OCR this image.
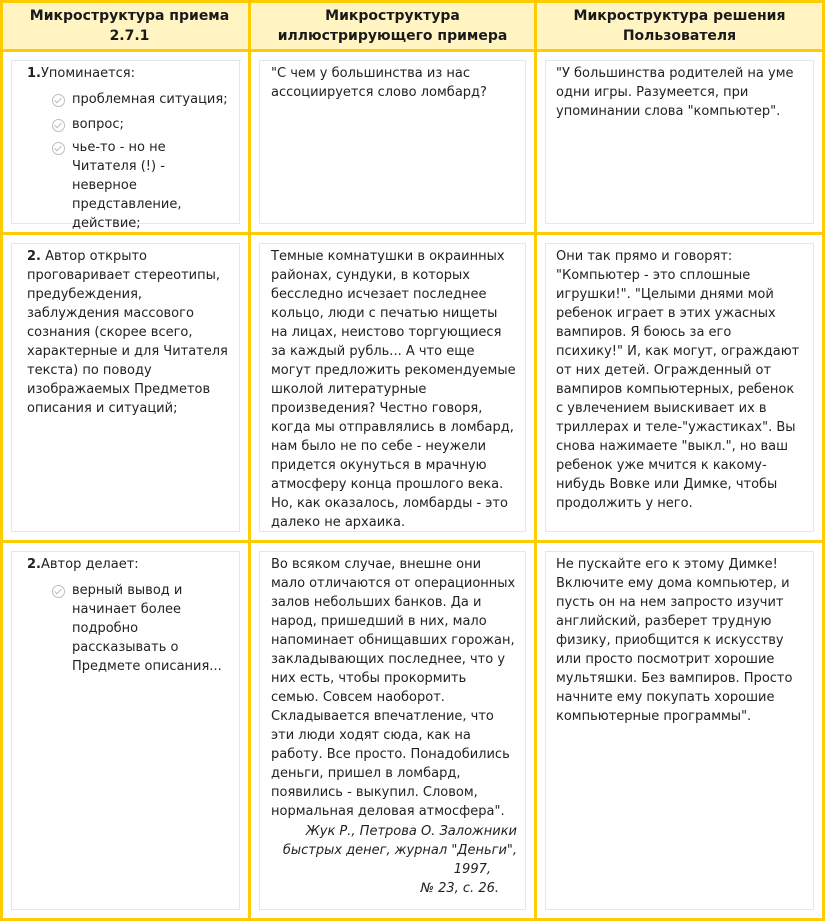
Микроструктура приема 2.7.1
Микроструктура
иллюстрирующего примера
Микроструктура решения
Пользователя
1.Упоминается:
проблемная ситуация;
вопрос;
чье-то - но не
Читателя (!) -
неверное
представление,
действие;
"С чем у большинства из нас
ассоциируется слово ломбард?
"У большинства родителей на уме
одни игры. Разумеется, при
упоминании слова "компьютер".
2. Автор открыто
проговаривает стереотипы,
предубеждения,
заблуждения массового
сознания (скорее всего,
характерные и для Читателя
текста) по поводу
изображаемых Предметов
описания и ситуаций;
Темные комнатушки в окраинных
районах, сундуки, в которых
бесследно исчезает последнее
кольцо, люди с печатью нищеты
на лицах, неистово торгующиеся
за каждый рубль... А что еще
могут предложить рекомендуемые
школой литературные
произведения? Честно говоря,
когда мы отправлялись в ломбард,
нам было не по себе - неужели
придется окунуться в мрачную
атмосферу конца прошлого века.
Но, как оказалось, ломбарды - это
далеко не архаика.
Они так прямо и говорят:
"Компьютер - это сплошные
игрушки!". "Целыми днями мой
ребенок играет в этих ужасных
вампиров. Я боюсь за его
психику!" И, как могут, ограждают
от них детей. Огражденный от
вампиров компьютерных, ребенок
с увлечением выискивает их в
триллерах и теле-"ужастиках". Вы
снова нажимаете "выкл.", но ваш
ребенок уже мчится к какому-
нибудь Вовке или Димке, чтобы
продолжить у него.
2.Автор делает:
верный вывод и
начинает более
подробно
рассказывать о
Предмете описания...
Во всяком случае, внешне они
мало отличаются от операционных
залов небольших банков. Да и
народ, пришедший в них, мало
напоминает обнищавших горожан,
закладывающих последнее, что у
них есть, чтобы прокормить
семью. Совсем наоборот.
Складывается впечатление, что
эти люди ходят сюда, как на
работу. Все просто. Понадобились
деньги, пришел в ломбард,
появились - выкупил. Словом,
нормальная деловая атмосфера".
Жук Р., Петрова О. Заложники
быстрых денег, журнал "Деньги",
1997,
№ 23, с. 26.
Не пускайте его к этому Димке!
Включите ему дома компьютер, и
пусть он на нем запросто изучит
английский, разберет трудную
физику, приобщится к искусству
или просто посмотрит хорошие
мультяшки. Без вампиров. Просто
начните ему покупать хорошие
компьютерные программы".
